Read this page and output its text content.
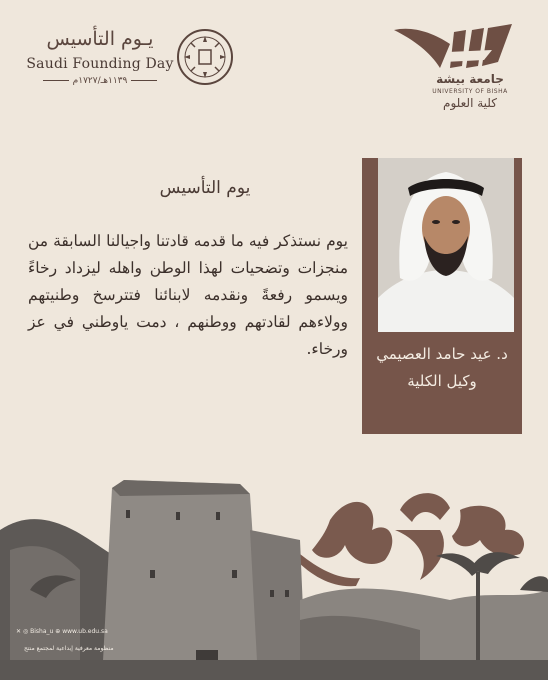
يـوم التأسيس
Saudi Founding Day
١١٣٩هـ/١٧٢٧م	جامعة بيشة
UNIVERSITY OF BISHA
كلية العلوم
د. عيد حامد العصيمي
وكيل الكلية
يوم التأسيس
يوم نستذكر فيه ما قدمه قادتنا واجيالنا السابقة من منجزات وتضحيات لهذا الوطن واهله ليزداد رخاءً ويسمو رفعةً ونقدمه لابنائنا فتترسخ وطنيتهم وولاءهم لقادتهم ووطنهم ، دمت ياوطني في عز ورخاء.
✕ ◎ Bisha_u ⊕ www.ub.edu.sa
منظومة معرفية إبداعية لمجتمع منتج
